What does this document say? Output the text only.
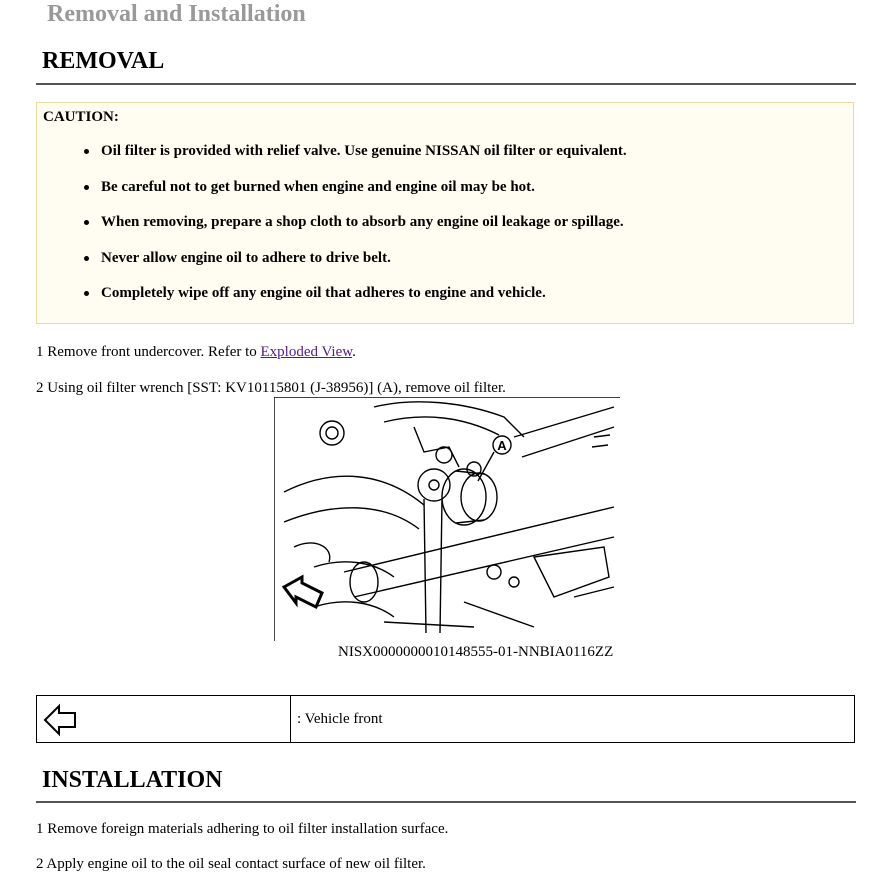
Removal and Installation
REMOVAL
CAUTION:
Oil filter is provided with relief valve. Use genuine NISSAN oil filter or equivalent.
Be careful not to get burned when engine and engine oil may be hot.
When removing, prepare a shop cloth to absorb any engine oil leakage or spillage.
Never allow engine oil to adhere to drive belt.
Completely wipe off any engine oil that adheres to engine and vehicle.

1 Remove front undercover. Refer to Exploded View.

2 Using oil filter wrench [SST: KV10115801 (J-38956)] (A), remove oil filter.

A
NISX0000000010148555-01-NNBIA0116ZZ
: Vehicle front
INSTALLATION

1 Remove foreign materials adhering to oil filter installation surface.

2 Apply engine oil to the oil seal contact surface of new oil filter.
